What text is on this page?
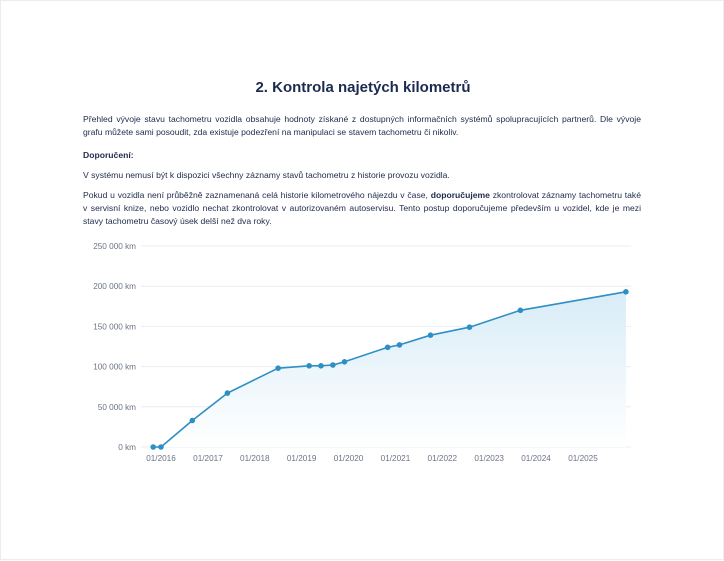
2. Kontrola najetých kilometrů
Přehled vývoje stavu tachometru vozidla obsahuje hodnoty získané z dostupných informačních systémů spolupracujících partnerů. Dle vývoje grafu můžete sami posoudit, zda existuje podezření na manipulaci se stavem tachometru či nikoliv.
Doporučení:
V systému nemusí být k dispozici všechny záznamy stavů tachometru z historie provozu vozidla.
Pokud u vozidla není průběžně zaznamenaná celá historie kilometrového nájezdu v čase, doporučujeme zkontrolovat záznamy tachometru také v servisní knize, nebo vozidlo nechat zkontrolovat v autorizovaném autoservisu. Tento postup doporučujeme především u vozidel, kde je mezi stavy tachometru časový úsek delší než dva roky.
0 km
50 000 km
100 000 km
150 000 km
200 000 km
250 000 km
01/2016 01/2017 01/2018 01/2019 01/2020 01/2021 01/2022 01/2023 01/2024 01/2025
